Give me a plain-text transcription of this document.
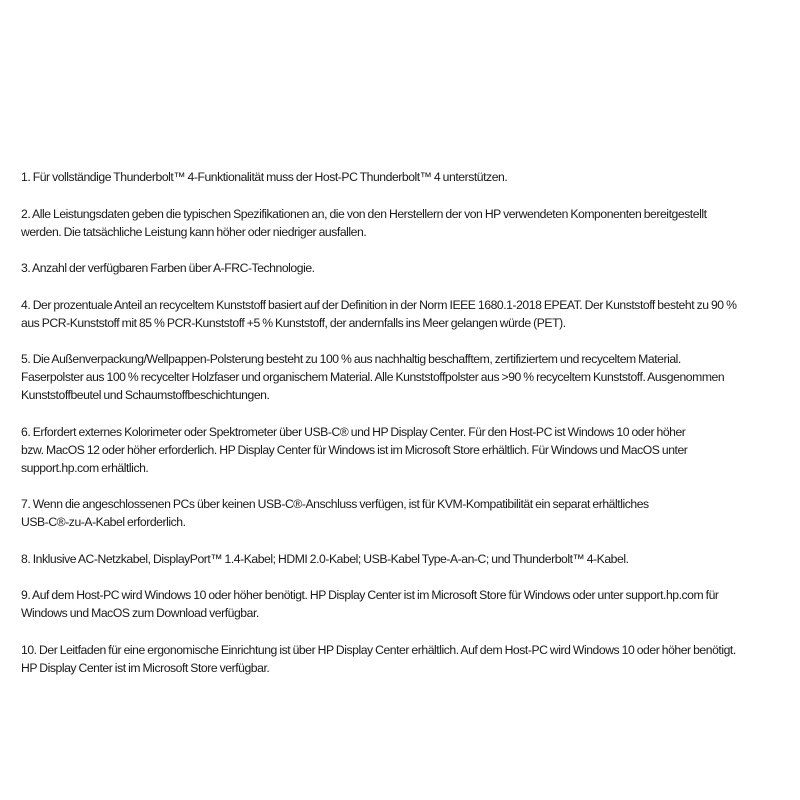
1. Für vollständige Thunderbolt™ 4-Funktionalität muss der Host-PC Thunderbolt™ 4 unterstützen.

2. Alle Leistungsdaten geben die typischen Spezifikationen an, die von den Herstellern der von HP verwendeten Komponenten bereitgestellt
werden. Die tatsächliche Leistung kann höher oder niedriger ausfallen.

3. Anzahl der verfügbaren Farben über A-FRC-Technologie.

4. Der prozentuale Anteil an recyceltem Kunststoff basiert auf der Definition in der Norm IEEE 1680.1-2018 EPEAT. Der Kunststoff besteht zu 90 %
aus PCR-Kunststoff mit 85 % PCR-Kunststoff +5 % Kunststoff, der andernfalls ins Meer gelangen würde (PET).

5. Die Außenverpackung/Wellpappen-Polsterung besteht zu 100 % aus nachhaltig beschafftem, zertifiziertem und recyceltem Material.
Faserpolster aus 100 % recycelter Holzfaser und organischem Material. Alle Kunststoffpolster aus >90 % recyceltem Kunststoff. Ausgenommen
Kunststoffbeutel und Schaumstoffbeschichtungen.

6. Erfordert externes Kolorimeter oder Spektrometer über USB-C® und HP Display Center. Für den Host-PC ist Windows 10 oder höher
bzw. MacOS 12 oder höher erforderlich. HP Display Center für Windows ist im Microsoft Store erhältlich. Für Windows und MacOS unter
support.hp.com erhältlich.

7. Wenn die angeschlossenen PCs über keinen USB-C®-Anschluss verfügen, ist für KVM-Kompatibilität ein separat erhältliches
USB-C®-zu-A-Kabel erforderlich.

8. Inklusive AC-Netzkabel, DisplayPort™ 1.4-Kabel; HDMI 2.0-Kabel; USB-Kabel Type-A-an-C; und Thunderbolt™ 4-Kabel.

9. Auf dem Host-PC wird Windows 10 oder höher benötigt. HP Display Center ist im Microsoft Store für Windows oder unter support.hp.com für
Windows und MacOS zum Download verfügbar.

10. Der Leitfaden für eine ergonomische Einrichtung ist über HP Display Center erhältlich. Auf dem Host-PC wird Windows 10 oder höher benötigt.
HP Display Center ist im Microsoft Store verfügbar.
